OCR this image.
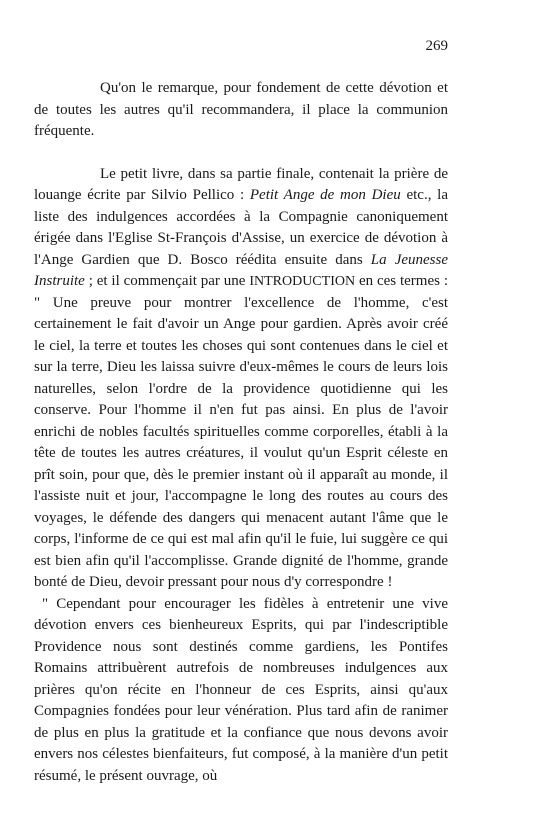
269

Qu'on le remarque, pour fondement de cette dévotion et de toutes les autres qu'il recommandera, il place la communion fréquente.

Le petit livre, dans sa partie finale, contenait la prière de louange écrite par Silvio Pellico : Petit Ange de mon Dieu etc., la liste des indulgences accordées à la Compagnie canoniquement érigée dans l'Eglise St-François d'Assise, un exercice de dévotion à l'Ange Gardien que D. Bosco réédita ensuite dans La Jeunesse Instruite ; et il commençait par une INTRODUCTION en ces termes : " Une preuve pour montrer l'excellence de l'homme, c'est certainement le fait d'avoir un Ange pour gardien. Après avoir créé le ciel, la terre et toutes les choses qui sont contenues dans le ciel et sur la terre, Dieu les laissa suivre d'eux-mêmes le cours de leurs lois naturelles, selon l'ordre de la providence quotidienne qui les conserve. Pour l'homme il n'en fut pas ainsi. En plus de l'avoir enrichi de nobles facultés spirituelles comme corporelles, établi à la tête de toutes les autres créatures, il voulut qu'un Esprit céleste en prît soin, pour que, dès le premier instant où il apparaît au monde, il l'assiste nuit et jour, l'accompagne le long des routes au cours des voyages, le défende des dangers qui menacent autant l'âme que le corps, l'informe de ce qui est mal afin qu'il le fuie, lui suggère ce qui est bien afin qu'il l'accomplisse. Grande dignité de l'homme, grande bonté de Dieu, devoir pressant pour nous d'y correspondre !

" Cependant pour encourager les fidèles à entretenir une vive dévotion envers ces bienheureux Esprits, qui par l'indescriptible Providence nous sont destinés comme gardiens, les Pontifes Romains attribuèrent autrefois de nombreuses indulgences aux prières qu'on récite en l'honneur de ces Esprits, ainsi qu'aux Compagnies fondées pour leur vénération. Plus tard afin de ranimer de plus en plus la gratitude et la confiance que nous devons avoir envers nos célestes bienfaiteurs, fut composé, à la manière d'un petit résumé, le présent ouvrage, où
